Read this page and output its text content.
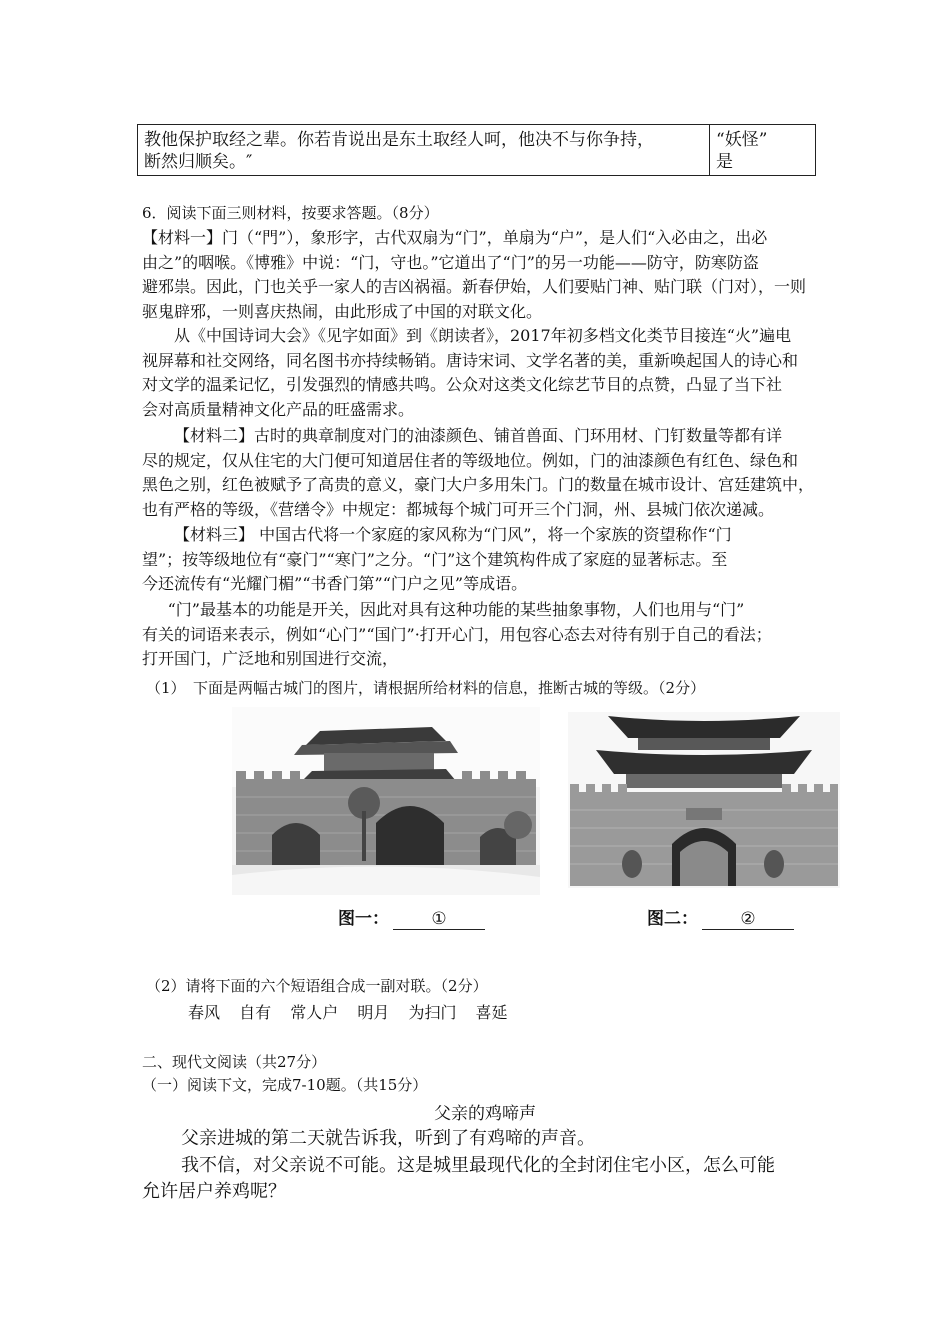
教他保护取经之辈。你若肯说出是东土取经人呵，他决不与你争持，
断然归顺矣。″
“妖怪”
是
6．阅读下面三则材料，按要求答题。（8分）

【材料一】门（“門”），象形字，古代双扇为“门”，单扇为“户”，是人们“入必由之，出必

由之”的咽喉。《博雅》中说：“门，守也。”它道出了“门”的另一功能——防守，防寒防盗

避邪祟。因此，门也关乎一家人的吉凶祸福。新春伊始，人们要贴门神、贴门联（门对），一则

驱鬼辟邪，一则喜庆热闹，由此形成了中国的对联文化。

从《中国诗词大会》《见字如面》到《朗读者》，2017年初多档文化类节目接连“火”遍电

视屏幕和社交网络，同名图书亦持续畅销。唐诗宋词、文学名著的美，重新唤起国人的诗心和

对文学的温柔记忆，引发强烈的情感共鸣。公众对这类文化综艺节目的点赞，凸显了当下社

会对高质量精神文化产品的旺盛需求。

【材料二】古时的典章制度对门的油漆颜色、铺首兽面、门环用材、门钉数量等都有详

尽的规定，仅从住宅的大门便可知道居住者的等级地位。例如，门的油漆颜色有红色、绿色和

黑色之别，红色被赋予了高贵的意义，豪门大户多用朱门。门的数量在城市设计、宫廷建筑中，

也有严格的等级，《营缮令》中规定：都城每个城门可开三个门洞，州、县城门依次递减。

【材料三】 中国古代将一个家庭的家风称为“门风”，将一个家族的资望称作“门

望”；按等级地位有“豪门”“寒门”之分。“门”这个建筑构件成了家庭的显著标志。至

今还流传有“光耀门楣”“书香门第”“门户之见”等成语。

“门”最基本的功能是开关，因此对具有这种功能的某些抽象事物，人们也用与“门”

有关的词语来表示，例如“心门”“国门”·打开心门，用包容心态去对待有别于自己的看法；

打开国门，广泛地和别国进行交流，

（1）　下面是两幅古城门的图片，请根据所给材料的信息，推断古城的等级。（2分）
图一： ①	图二： ②
（2）请将下面的六个短语组合成一副对联。（2分）
春风 自有 常人户 明月 为扫门 喜延
二、现代文阅读（共27分）
（一）阅读下文，完成7-10题。（共15分）
父亲的鸡啼声
父亲进城的第二天就告诉我，听到了有鸡啼的声音。
我不信，对父亲说不可能。这是城里最现代化的全封闭住宅小区，怎么可能
允许居户养鸡呢？
